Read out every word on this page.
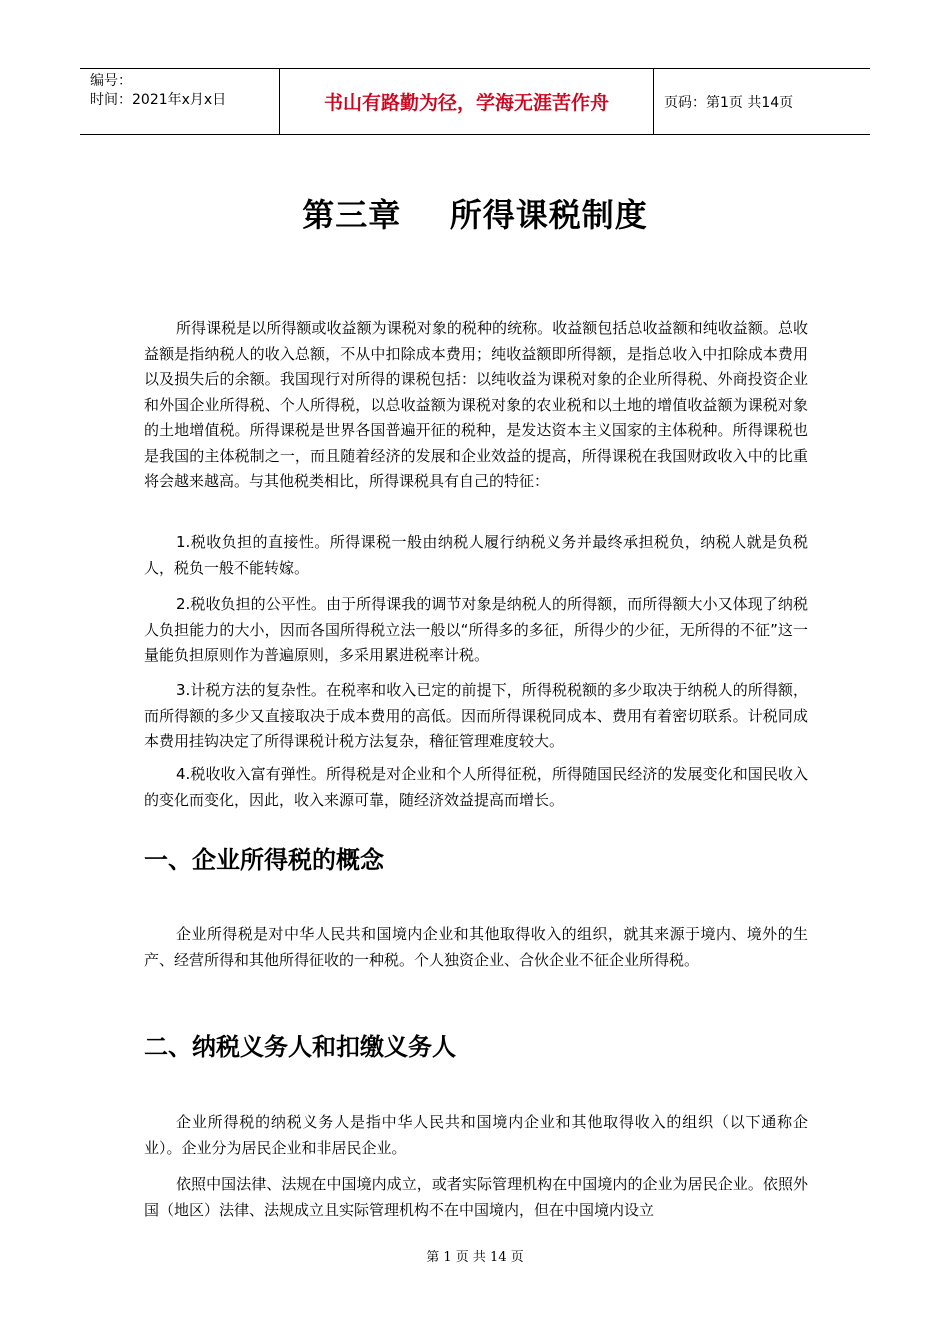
编号：
时间：2021年x月x日	书山有路勤为径，学海无涯苦作舟	页码：第1页 共14页
第三章    所得课税制度

所得课税是以所得额或收益额为课税对象的税种的统称。收益额包括总收益额和纯收益额。总收益额是指纳税人的收入总额，不从中扣除成本费用；纯收益额即所得额，是指总收入中扣除成本费用以及损失后的余额。我国现行对所得的课税包括：以纯收益为课税对象的企业所得税、外商投资企业和外国企业所得税、个人所得税，以总收益额为课税对象的农业税和以土地的增值收益额为课税对象的土地增值税。所得课税是世界各国普遍开征的税种，是发达资本主义国家的主体税种。所得课税也是我国的主体税制之一，而且随着经济的发展和企业效益的提高，所得课税在我国财政收入中的比重将会越来越高。与其他税类相比，所得课税具有自己的特征：

1.税收负担的直接性。所得课税一般由纳税人履行纳税义务并最终承担税负，纳税人就是负税人，税负一般不能转嫁。

2.税收负担的公平性。由于所得课我的调节对象是纳税人的所得额，而所得额大小又体现了纳税人负担能力的大小，因而各国所得税立法一般以“所得多的多征，所得少的少征，无所得的不征”这一量能负担原则作为普遍原则，多采用累进税率计税。

3.计税方法的复杂性。在税率和收入已定的前提下，所得税税额的多少取决于纳税人的所得额，而所得额的多少又直接取决于成本费用的高低。因而所得课税同成本、费用有着密切联系。计税同成本费用挂钩决定了所得课税计税方法复杂，稽征管理难度较大。

4.税收收入富有弹性。所得税是对企业和个人所得征税，所得随国民经济的发展变化和国民收入的变化而变化，因此，收入来源可靠，随经济效益提高而增长。

一、企业所得税的概念

企业所得税是对中华人民共和国境内企业和其他取得收入的组织，就其来源于境内、境外的生产、经营所得和其他所得征收的一种税。个人独资企业、合伙企业不征企业所得税。

二、纳税义务人和扣缴义务人

企业所得税的纳税义务人是指中华人民共和国境内企业和其他取得收入的组织（以下通称企业）。企业分为居民企业和非居民企业。

依照中国法律、法规在中国境内成立，或者实际管理机构在中国境内的企业为居民企业。依照外国（地区）法律、法规成立且实际管理机构不在中国境内，但在中国境内设立

第 1 页 共 14 页
